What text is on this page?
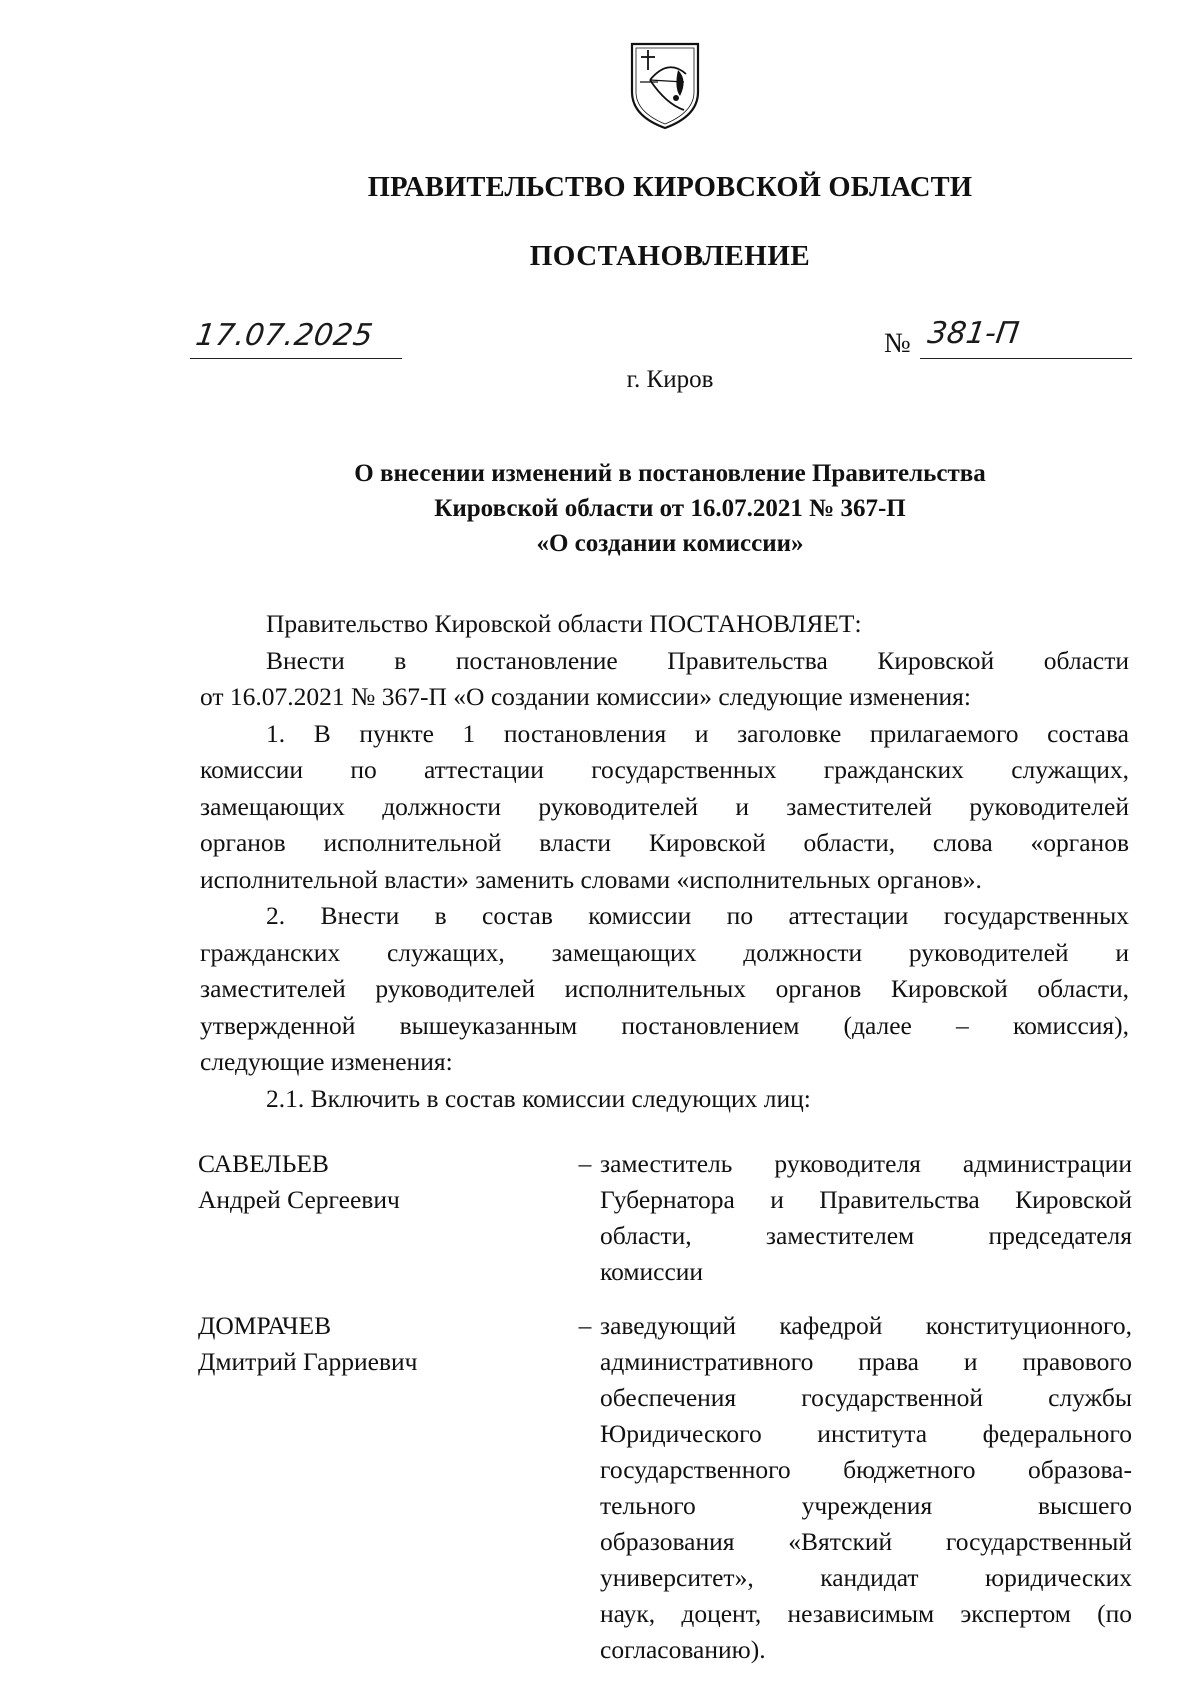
ПРАВИТЕЛЬСТВО КИРОВСКОЙ ОБЛАСТИ
ПОСТАНОВЛЕНИЕ
17.07.2025	№ 381-П
г. Киров
О внесении изменений в постановление Правительства
Кировской области от 16.07.2021 № 367-П
«О создании комиссии»

Правительство Кировской области ПОСТАНОВЛЯЕТ:

Внести в постановление Правительства Кировской области

от 16.07.2021 № 367-П «О создании комиссии» следующие изменения:

1. В пункте 1 постановления и заголовке прилагаемого состава

комиссии по аттестации государственных гражданских служащих,

замещающих должности руководителей и заместителей руководителей

органов исполнительной власти Кировской области, слова «органов

исполнительной власти» заменить словами «исполнительных органов».

2. Внести в состав комиссии по аттестации государственных

гражданских служащих, замещающих должности руководителей и

заместителей руководителей исполнительных органов Кировской области,

утвержденной вышеуказанным постановлением (далее – комиссия),

следующие изменения:

2.1. Включить в состав комиссии следующих лиц:

САВЕЛЬЕВ
Андрей Сергеевич
– заместитель руководителя администрации
Губернатора и Правительства Кировской
области, заместителем председателя
комиссии
ДОМРАЧЕВ
Дмитрий Гарриевич
– заведующий кафедрой конституционного,
административного права и правового
обеспечения государственной службы
Юридического института федерального
государственного бюджетного образова-
тельного учреждения высшего
образования «Вятский государственный
университет», кандидат юридических
наук, доцент, независимым экспертом (по
согласованию).
